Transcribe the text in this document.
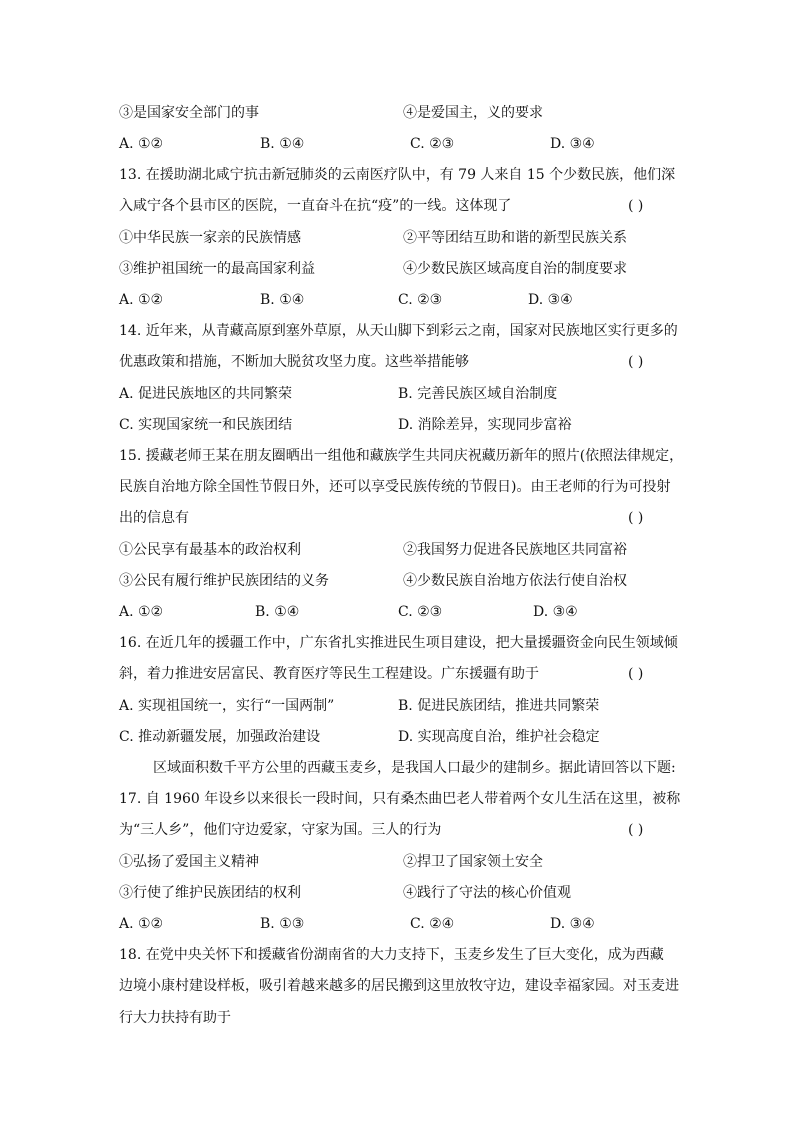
③是国家安全部门的事	④是爱国主，义的要求
A. ①②	B. ①④	C. ②③	D. ③④
13. 在援助湖北咸宁抗击新冠肺炎的云南医疗队中，有 79 人来自 15 个少数民族，他们深
入咸宁各个县市区的医院，一直奋斗在抗“疫”的一线。这体现了	( )
①中华民族一家亲的民族情感	②平等团结互助和谐的新型民族关系
③维护祖国统一的最高国家利益	④少数民族区域高度自治的制度要求
A. ①②	B. ①④	C. ②③	D. ③④
14. 近年来，从青藏高原到塞外草原，从天山脚下到彩云之南，国家对民族地区实行更多的
优惠政策和措施，不断加大脱贫攻坚力度。这些举措能够	( )
A. 促进民族地区的共同繁荣	B. 完善民族区域自治制度
C. 实现国家统一和民族团结	D. 消除差异，实现同步富裕
15. 援藏老师王某在朋友圈晒出一组他和藏族学生共同庆祝藏历新年的照片(依照法律规定，
民族自治地方除全国性节假日外，还可以享受民族传统的节假日)。由王老师的行为可投射
出的信息有	( )
①公民享有最基本的政治权利	②我国努力促进各民族地区共同富裕
③公民有履行维护民族团结的义务	④少数民族自治地方依法行使自治权
A. ①②	B. ①④	C. ②③	D. ③④
16. 在近几年的援疆工作中，广东省扎实推进民生项目建设，把大量援疆资金向民生领域倾
斜，着力推进安居富民、教育医疗等民生工程建设。广东援疆有助于	( )
A. 实现祖国统一，实行“一国两制”	B. 促进民族团结，推进共同繁荣
C. 推动新疆发展，加强政治建设	D. 实现高度自治，维护社会稳定
区域面积数千平方公里的西藏玉麦乡，是我国人口最少的建制乡。据此请回答以下题:
17. 自 1960 年设乡以来很长一段时间，只有桑杰曲巴老人带着两个女儿生活在这里，被称
为“三人乡”，他们守边爱家，守家为国。三人的行为	( )
①弘扬了爱国主义精神	②捍卫了国家领土安全
③行使了维护民族团结的权利	④践行了守法的核心价值观
A. ①②	B. ①③	C. ②④	D. ③④
18. 在党中央关怀下和援藏省份湖南省的大力支持下，玉麦乡发生了巨大变化，成为西藏
边境小康村建设样板，吸引着越来越多的居民搬到这里放牧守边，建设幸福家园。对玉麦进
行大力扶持有助于
